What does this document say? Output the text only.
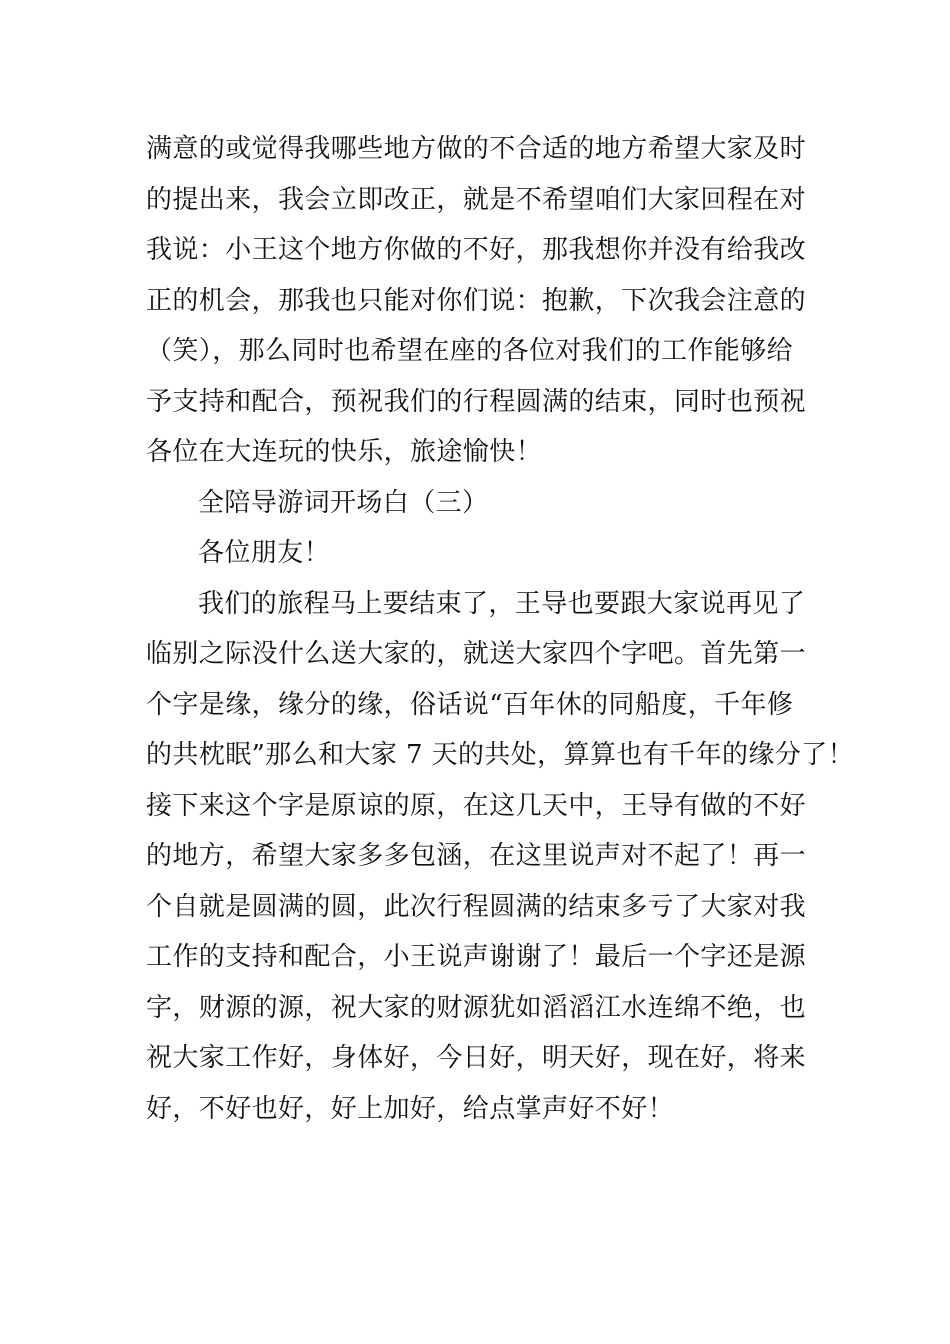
满意的或觉得我哪些地方做的不合适的地方希望大家及时
的提出来，我会立即改正，就是不希望咱们大家回程在对
我说：小王这个地方你做的不好，那我想你并没有给我改
正的机会，那我也只能对你们说：抱歉，下次我会注意的
（笑），那么同时也希望在座的各位对我们的工作能够给
予支持和配合，预祝我们的行程圆满的结束，同时也预祝
各位在大连玩的快乐，旅途愉快！
全陪导游词开场白（三）
各位朋友！
我们的旅程马上要结束了，王导也要跟大家说再见了
临别之际没什么送大家的，就送大家四个字吧。首先第一
个字是缘，缘分的缘，俗话说“百年休的同船度，千年修
的共枕眠”那么和大家 7 天的共处，算算也有千年的缘分了！
接下来这个字是原谅的原，在这几天中，王导有做的不好
的地方，希望大家多多包涵，在这里说声对不起了！再一
个自就是圆满的圆，此次行程圆满的结束多亏了大家对我
工作的支持和配合，小王说声谢谢了！最后一个字还是源
字，财源的源，祝大家的财源犹如滔滔江水连绵不绝，也
祝大家工作好，身体好，今日好，明天好，现在好，将来
好，不好也好，好上加好，给点掌声好不好！
